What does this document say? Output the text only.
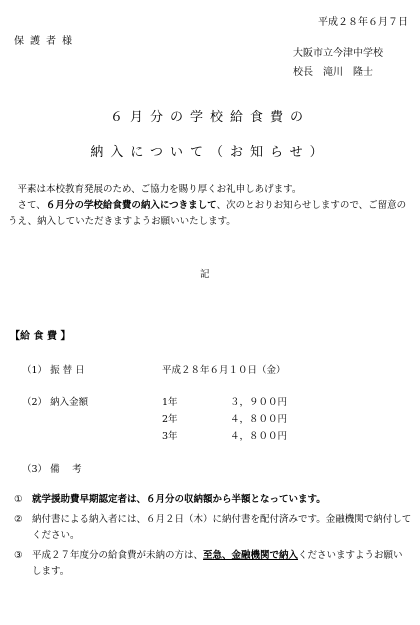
平成２８年６月７日
保護者様
大阪市立今津中学校
校長　滝川　隆士
６月分の学校給食費の
納入について（お知らせ）
平素は本校教育発展のため、ご協力を賜り厚くお礼申しあげます。
さて、６月分の学校給食費の納入につきまして、次のとおりお知らせしますので、ご留意のうえ、納入していただきますようお願いいたします。
記
【給 食 費 】
（1） 振 替 日	平成２８年６月１０日（金）
（2） 納入金額	1年	３，９００円
2年	４，８００円
3年	４，８００円
（3） 備　 考
① 就学援助費早期認定者は、６月分の収納額から半額となっています。
② 納付書による納入者には、６月２日（木）に納付書を配付済みです。金融機関で納付してください。
③ 平成２７年度分の給食費が未納の方は、至急、金融機関で納入くださいますようお願いします。
